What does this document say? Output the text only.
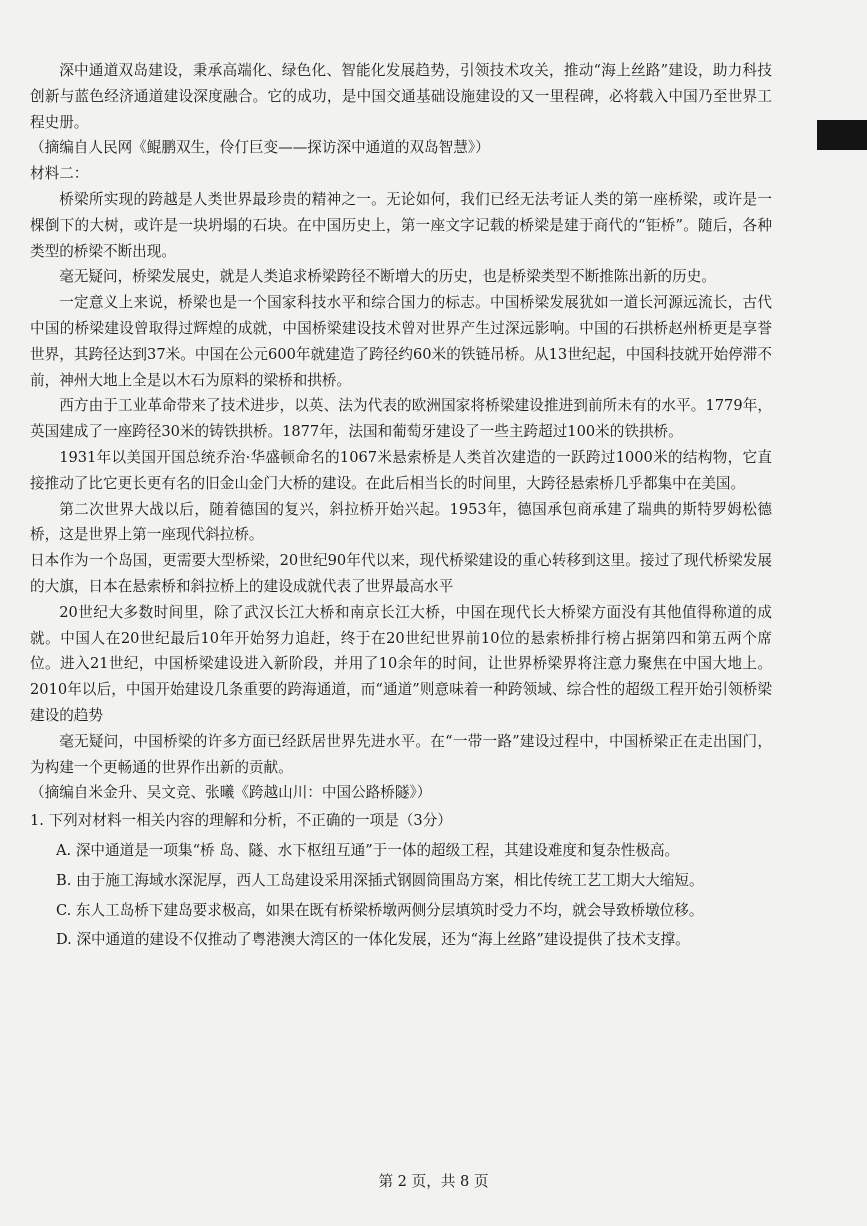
深中通道双岛建设，秉承高端化、绿色化、智能化发展趋势，引领技术攻关，推动“海上丝路”建设，助力科技创新与蓝色经济通道建设深度融合。它的成功，是中国交通基础设施建设的又一里程碑，必将载入中国乃至世界工程史册。

（摘编自人民网《鲲鹏双生，伶仃巨变——探访深中通道的双岛智慧》）

材料二：

桥梁所实现的跨越是人类世界最珍贵的精神之一。无论如何，我们已经无法考证人类的第一座桥梁，或许是一棵倒下的大树，或许是一块坍塌的石块。在中国历史上，第一座文字记载的桥梁是建于商代的“钜桥”。随后，各种类型的桥梁不断出现。

毫无疑问，桥梁发展史，就是人类追求桥梁跨径不断增大的历史，也是桥梁类型不断推陈出新的历史。

一定意义上来说，桥梁也是一个国家科技水平和综合国力的标志。中国桥梁发展犹如一道长河源远流长，古代中国的桥梁建设曾取得过辉煌的成就，中国桥梁建设技术曾对世界产生过深远影响。中国的石拱桥赵州桥更是享誉世界，其跨径达到37米。中国在公元600年就建造了跨径约60米的铁链吊桥。从13世纪起，中国科技就开始停滞不前，神州大地上全是以木石为原料的梁桥和拱桥。

西方由于工业革命带来了技术进步，以英、法为代表的欧洲国家将桥梁建设推进到前所未有的水平。1779年，英国建成了一座跨径30米的铸铁拱桥。1877年，法国和葡萄牙建设了一些主跨超过100米的铁拱桥。

1931年以美国开国总统乔治·华盛顿命名的1067米悬索桥是人类首次建造的一跃跨过1000米的结构物，它直接推动了比它更长更有名的旧金山金门大桥的建设。在此后相当长的时间里，大跨径悬索桥几乎都集中在美国。

第二次世界大战以后，随着德国的复兴，斜拉桥开始兴起。1953年，德国承包商承建了瑞典的斯特罗姆松德桥，这是世界上第一座现代斜拉桥。

日本作为一个岛国，更需要大型桥梁，20世纪90年代以来，现代桥梁建设的重心转移到这里。接过了现代桥梁发展的大旗，日本在悬索桥和斜拉桥上的建设成就代表了世界最高水平

20世纪大多数时间里，除了武汉长江大桥和南京长江大桥，中国在现代长大桥梁方面没有其他值得称道的成就。中国人在20世纪最后10年开始努力追赶，终于在20世纪世界前10位的悬索桥排行榜占据第四和第五两个席位。进入21世纪，中国桥梁建设进入新阶段，并用了10余年的时间，让世界桥梁界将注意力聚焦在中国大地上。2010年以后，中国开始建设几条重要的跨海通道，而“通道”则意味着一种跨领域、综合性的超级工程开始引领桥梁建设的趋势

毫无疑问，中国桥梁的许多方面已经跃居世界先进水平。在“一带一路”建设过程中，中国桥梁正在走出国门，为构建一个更畅通的世界作出新的贡献。

（摘编自米金升、吴文竞、张曦《跨越山川：中国公路桥隧》）

1. 下列对材料一相关内容的理解和分析，不正确的一项是（3分）

A. 深中通道是一项集“桥 岛、隧、水下枢纽互通”于一体的超级工程，其建设难度和复杂性极高。

B. 由于施工海域水深泥厚，西人工岛建设采用深插式钢圆筒围岛方案，相比传统工艺工期大大缩短。

C. 东人工岛桥下建岛要求极高，如果在既有桥梁桥墩两侧分层填筑时受力不均，就会导致桥墩位移。

D. 深中通道的建设不仅推动了粤港澳大湾区的一体化发展，还为“海上丝路”建设提供了技术支撑。

第 2 页，共 8 页
